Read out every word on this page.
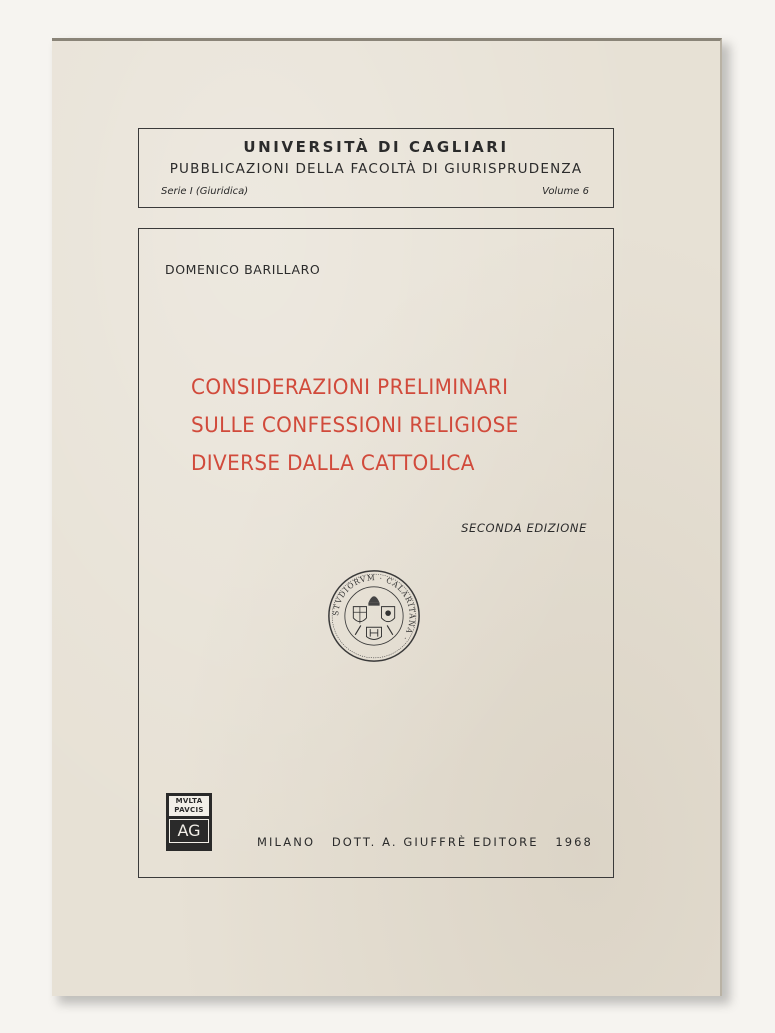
UNIVERSITÀ DI CAGLIARI
PUBBLICAZIONI DELLA FACOLTÀ DI GIURISPRUDENZA
Serie I (Giuridica)	Volume 6
DOMENICO BARILLARO
CONSIDERAZIONI PRELIMINARI
SULLE CONFESSIONI RELIGIOSE
DIVERSE DALLA CATTOLICA
SECONDA EDIZIONE
STVDIORVM · CALARITANA ·
MVLTA
PAVCIS
AG
MILANO DOTT. A. GIUFFRÈ EDITORE 1968
